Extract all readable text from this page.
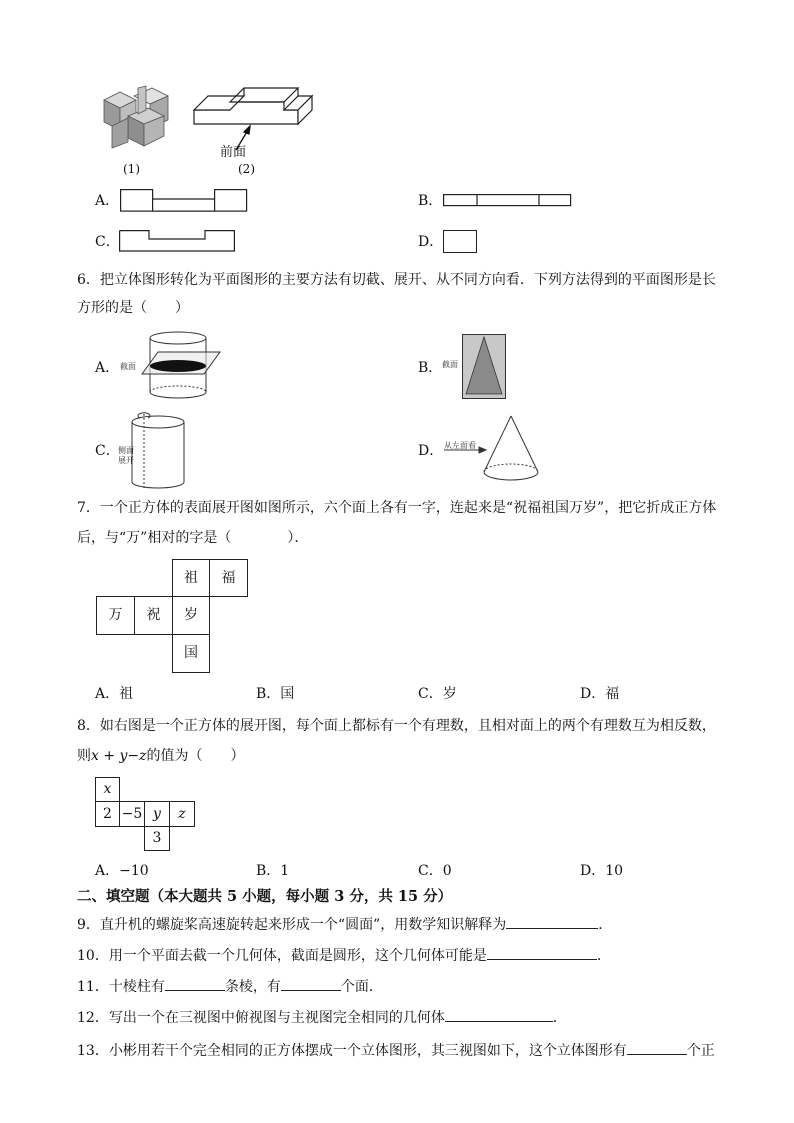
(1)
前面
(2)
A．	B．
C．	D．
6．把立体图形转化为平面图形的主要方法有切截、展开、从不同方向看．下列方法得到的平面图形是长
方形的是（　　）
A． 截面	B． 截面
C．
侧面
展开
D． 从左面看
7．一个正方体的表面展开图如图所示，六个面上各有一字，连起来是“祝福祖国万岁”，把它折成正方体
后，与“万”相对的字是（　　　　）．
祖	福
万	祝	岁
国
A．祖	B．国	C．岁	D．福
8．如右图是一个正方体的展开图，每个面上都标有一个有理数，且相对面上的两个有理数互为相反数，
则x + y−z的值为（　　）
x
2 −5 y	z
3
A．−10	B．1	C．0	D．10
二、填空题（本大题共 5 小题，每小题 3 分，共 15 分）
9．直升机的螺旋桨高速旋转起来形成一个“圆面”，用数学知识解释为	．
10．用一个平面去截一个几何体，截面是圆形，这个几何体可能是	.
11．十棱柱有	条棱，有	个面．
12．写出一个在三视图中俯视图与主视图完全相同的几何体	．
13．小彬用若干个完全相同的正方体摆成一个立体图形，其三视图如下，这个立体图形有	个正
